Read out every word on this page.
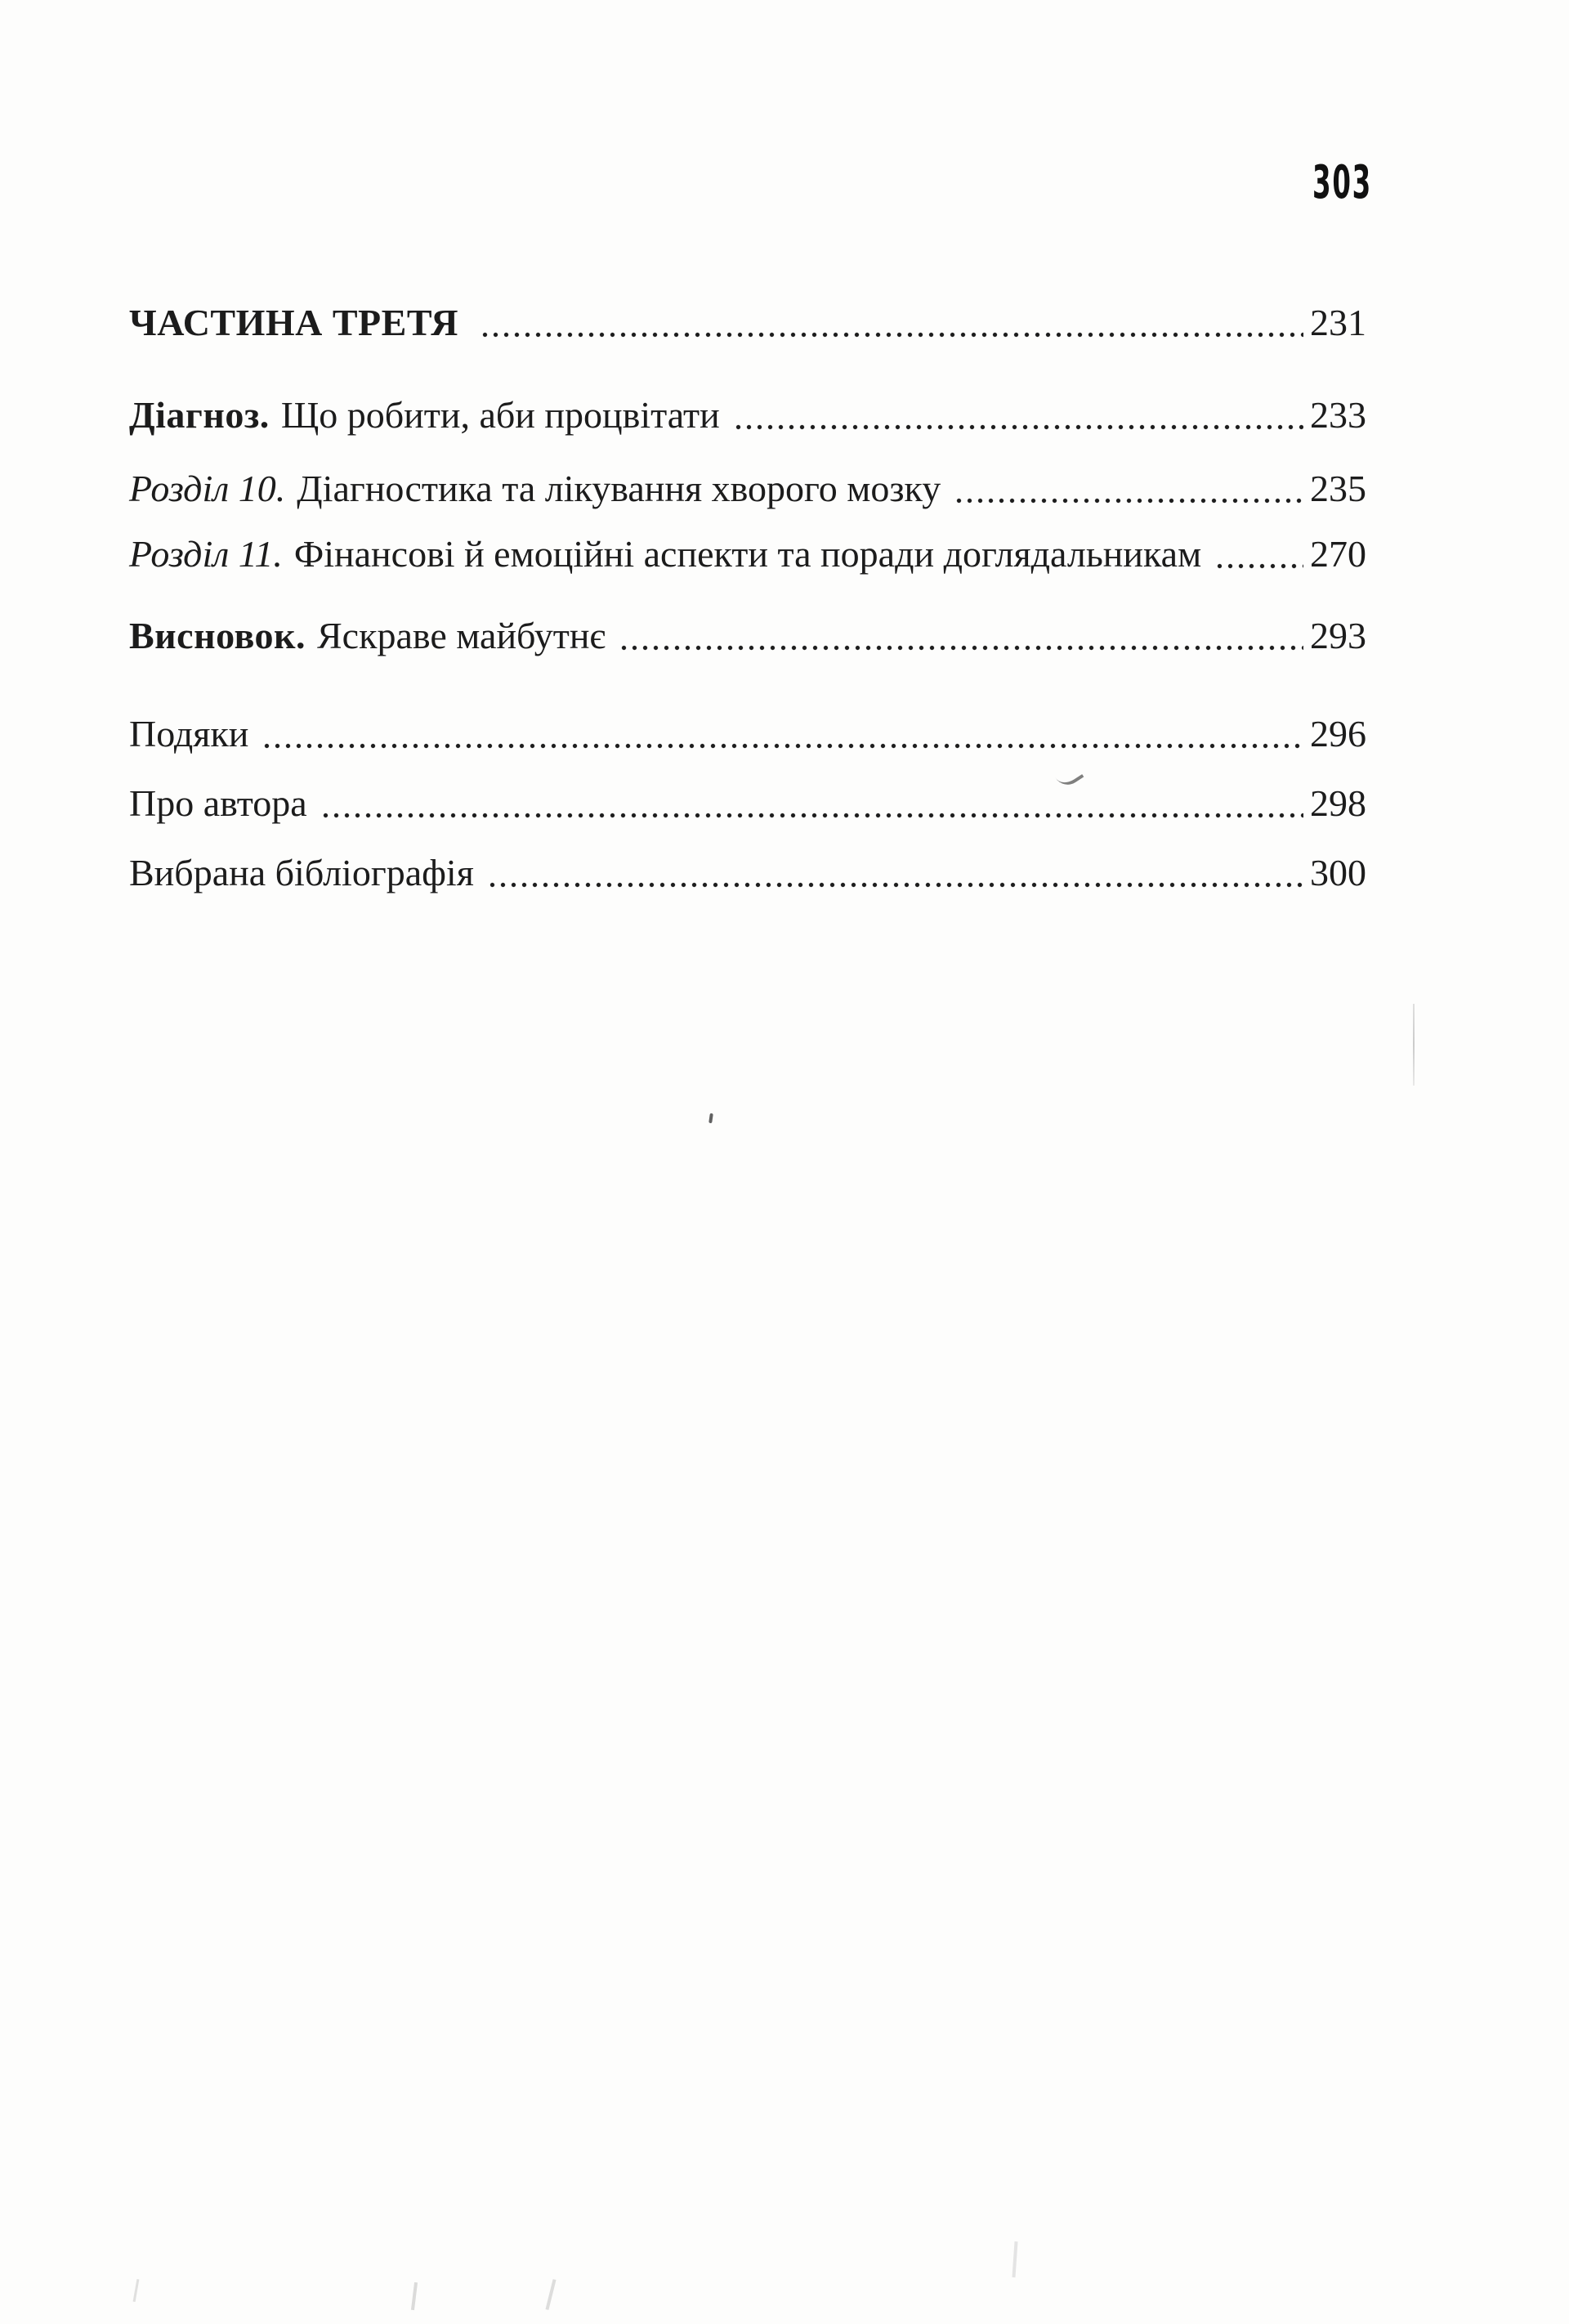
303
ЧАСТИНА ТРЕТЯ	231
Діагноз. Що робити, аби процвітати	233
Розділ 10. Діагностика та лікування хворого мозку	235
Розділ 11. Фінансові й емоційні аспекти та поради доглядальникам	270
Висновок. Яскраве майбутнє	293
Подяки	296
Про автора	298
Вибрана бібліографія	300
